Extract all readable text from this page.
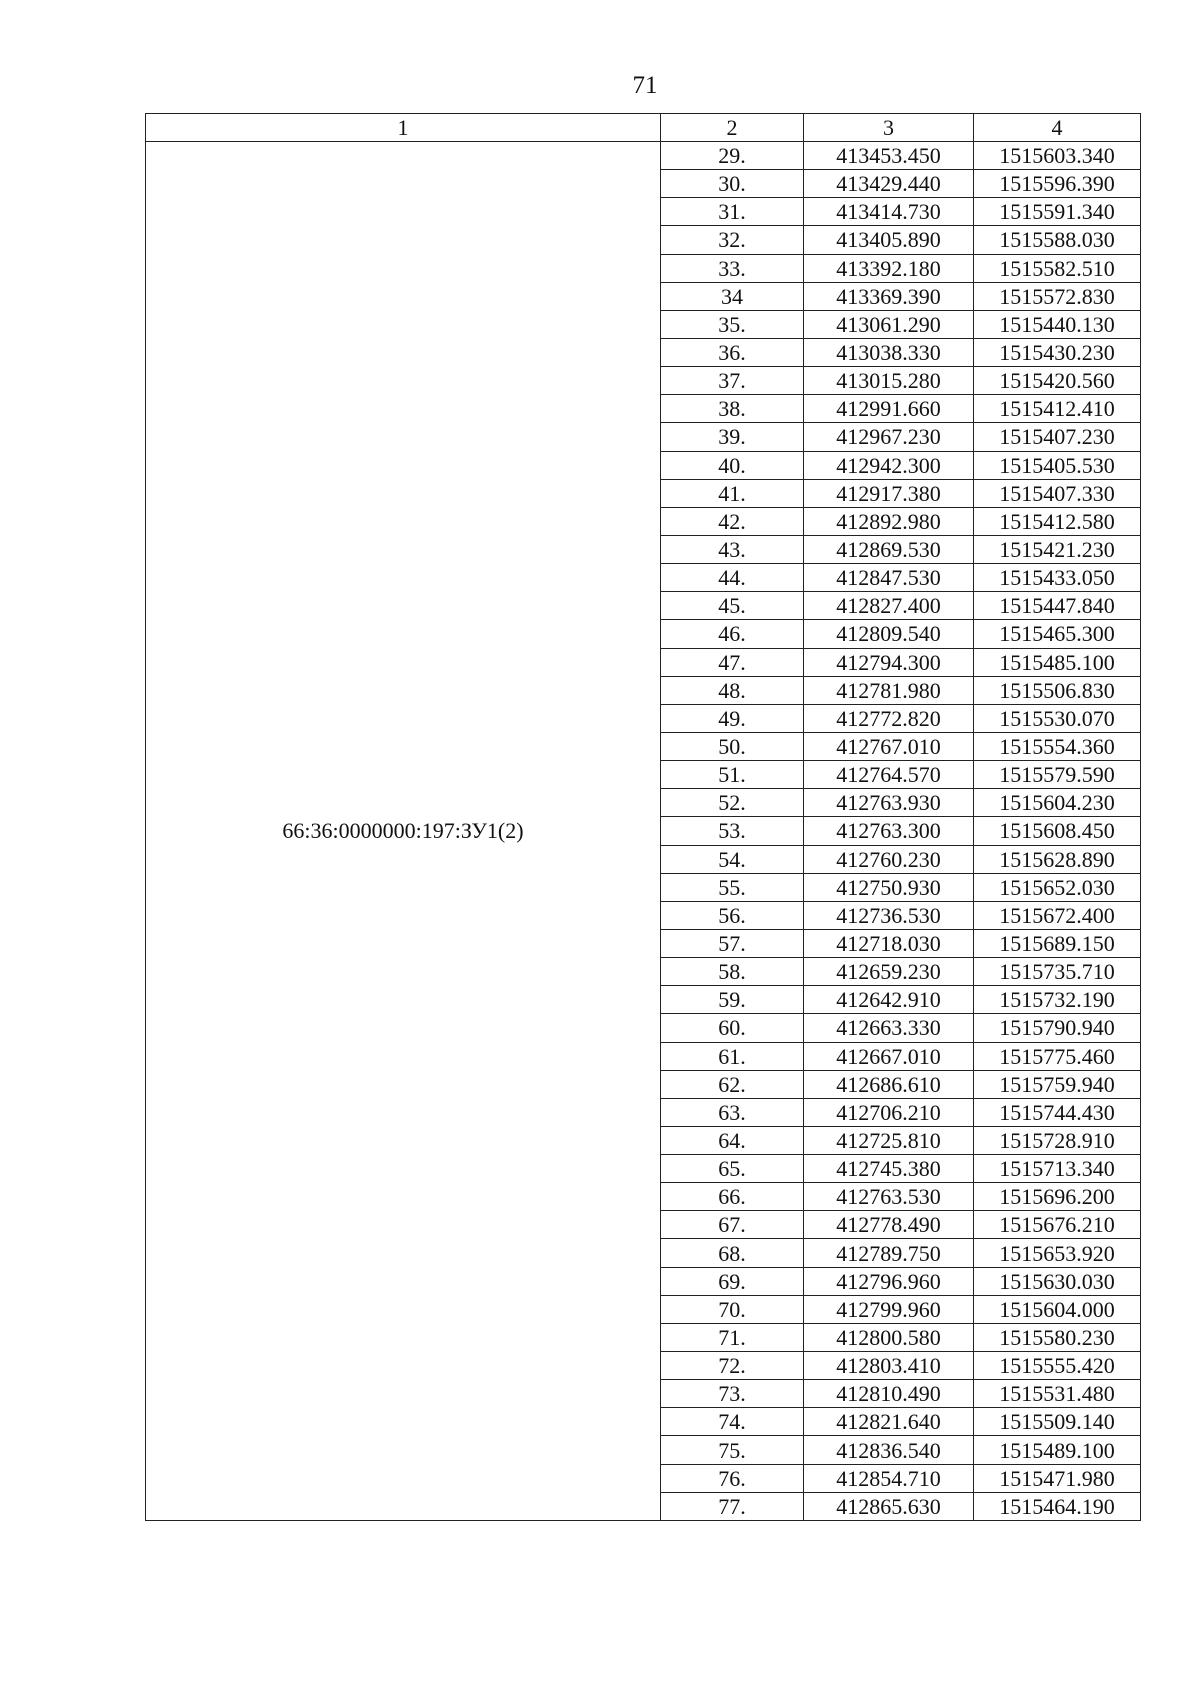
71
1	2	3	4
66:36:0000000:197:ЗУ1(2)	29.	413453.450	1515603.340
	30.	413429.440	1515596.390
	31.	413414.730	1515591.340
	32.	413405.890	1515588.030
	33.	413392.180	1515582.510
	34	413369.390	1515572.830
	35.	413061.290	1515440.130
	36.	413038.330	1515430.230
	37.	413015.280	1515420.560
	38.	412991.660	1515412.410
	39.	412967.230	1515407.230
	40.	412942.300	1515405.530
	41.	412917.380	1515407.330
	42.	412892.980	1515412.580
	43.	412869.530	1515421.230
	44.	412847.530	1515433.050
	45.	412827.400	1515447.840
	46.	412809.540	1515465.300
	47.	412794.300	1515485.100
	48.	412781.980	1515506.830
	49.	412772.820	1515530.070
	50.	412767.010	1515554.360
	51.	412764.570	1515579.590
	52.	412763.930	1515604.230
	53.	412763.300	1515608.450
	54.	412760.230	1515628.890
	55.	412750.930	1515652.030
	56.	412736.530	1515672.400
	57.	412718.030	1515689.150
	58.	412659.230	1515735.710
	59.	412642.910	1515732.190
	60.	412663.330	1515790.940
	61.	412667.010	1515775.460
	62.	412686.610	1515759.940
	63.	412706.210	1515744.430
	64.	412725.810	1515728.910
	65.	412745.380	1515713.340
	66.	412763.530	1515696.200
	67.	412778.490	1515676.210
	68.	412789.750	1515653.920
	69.	412796.960	1515630.030
	70.	412799.960	1515604.000
	71.	412800.580	1515580.230
	72.	412803.410	1515555.420
	73.	412810.490	1515531.480
	74.	412821.640	1515509.140
	75.	412836.540	1515489.100
	76.	412854.710	1515471.980
	77.	412865.630	1515464.190
